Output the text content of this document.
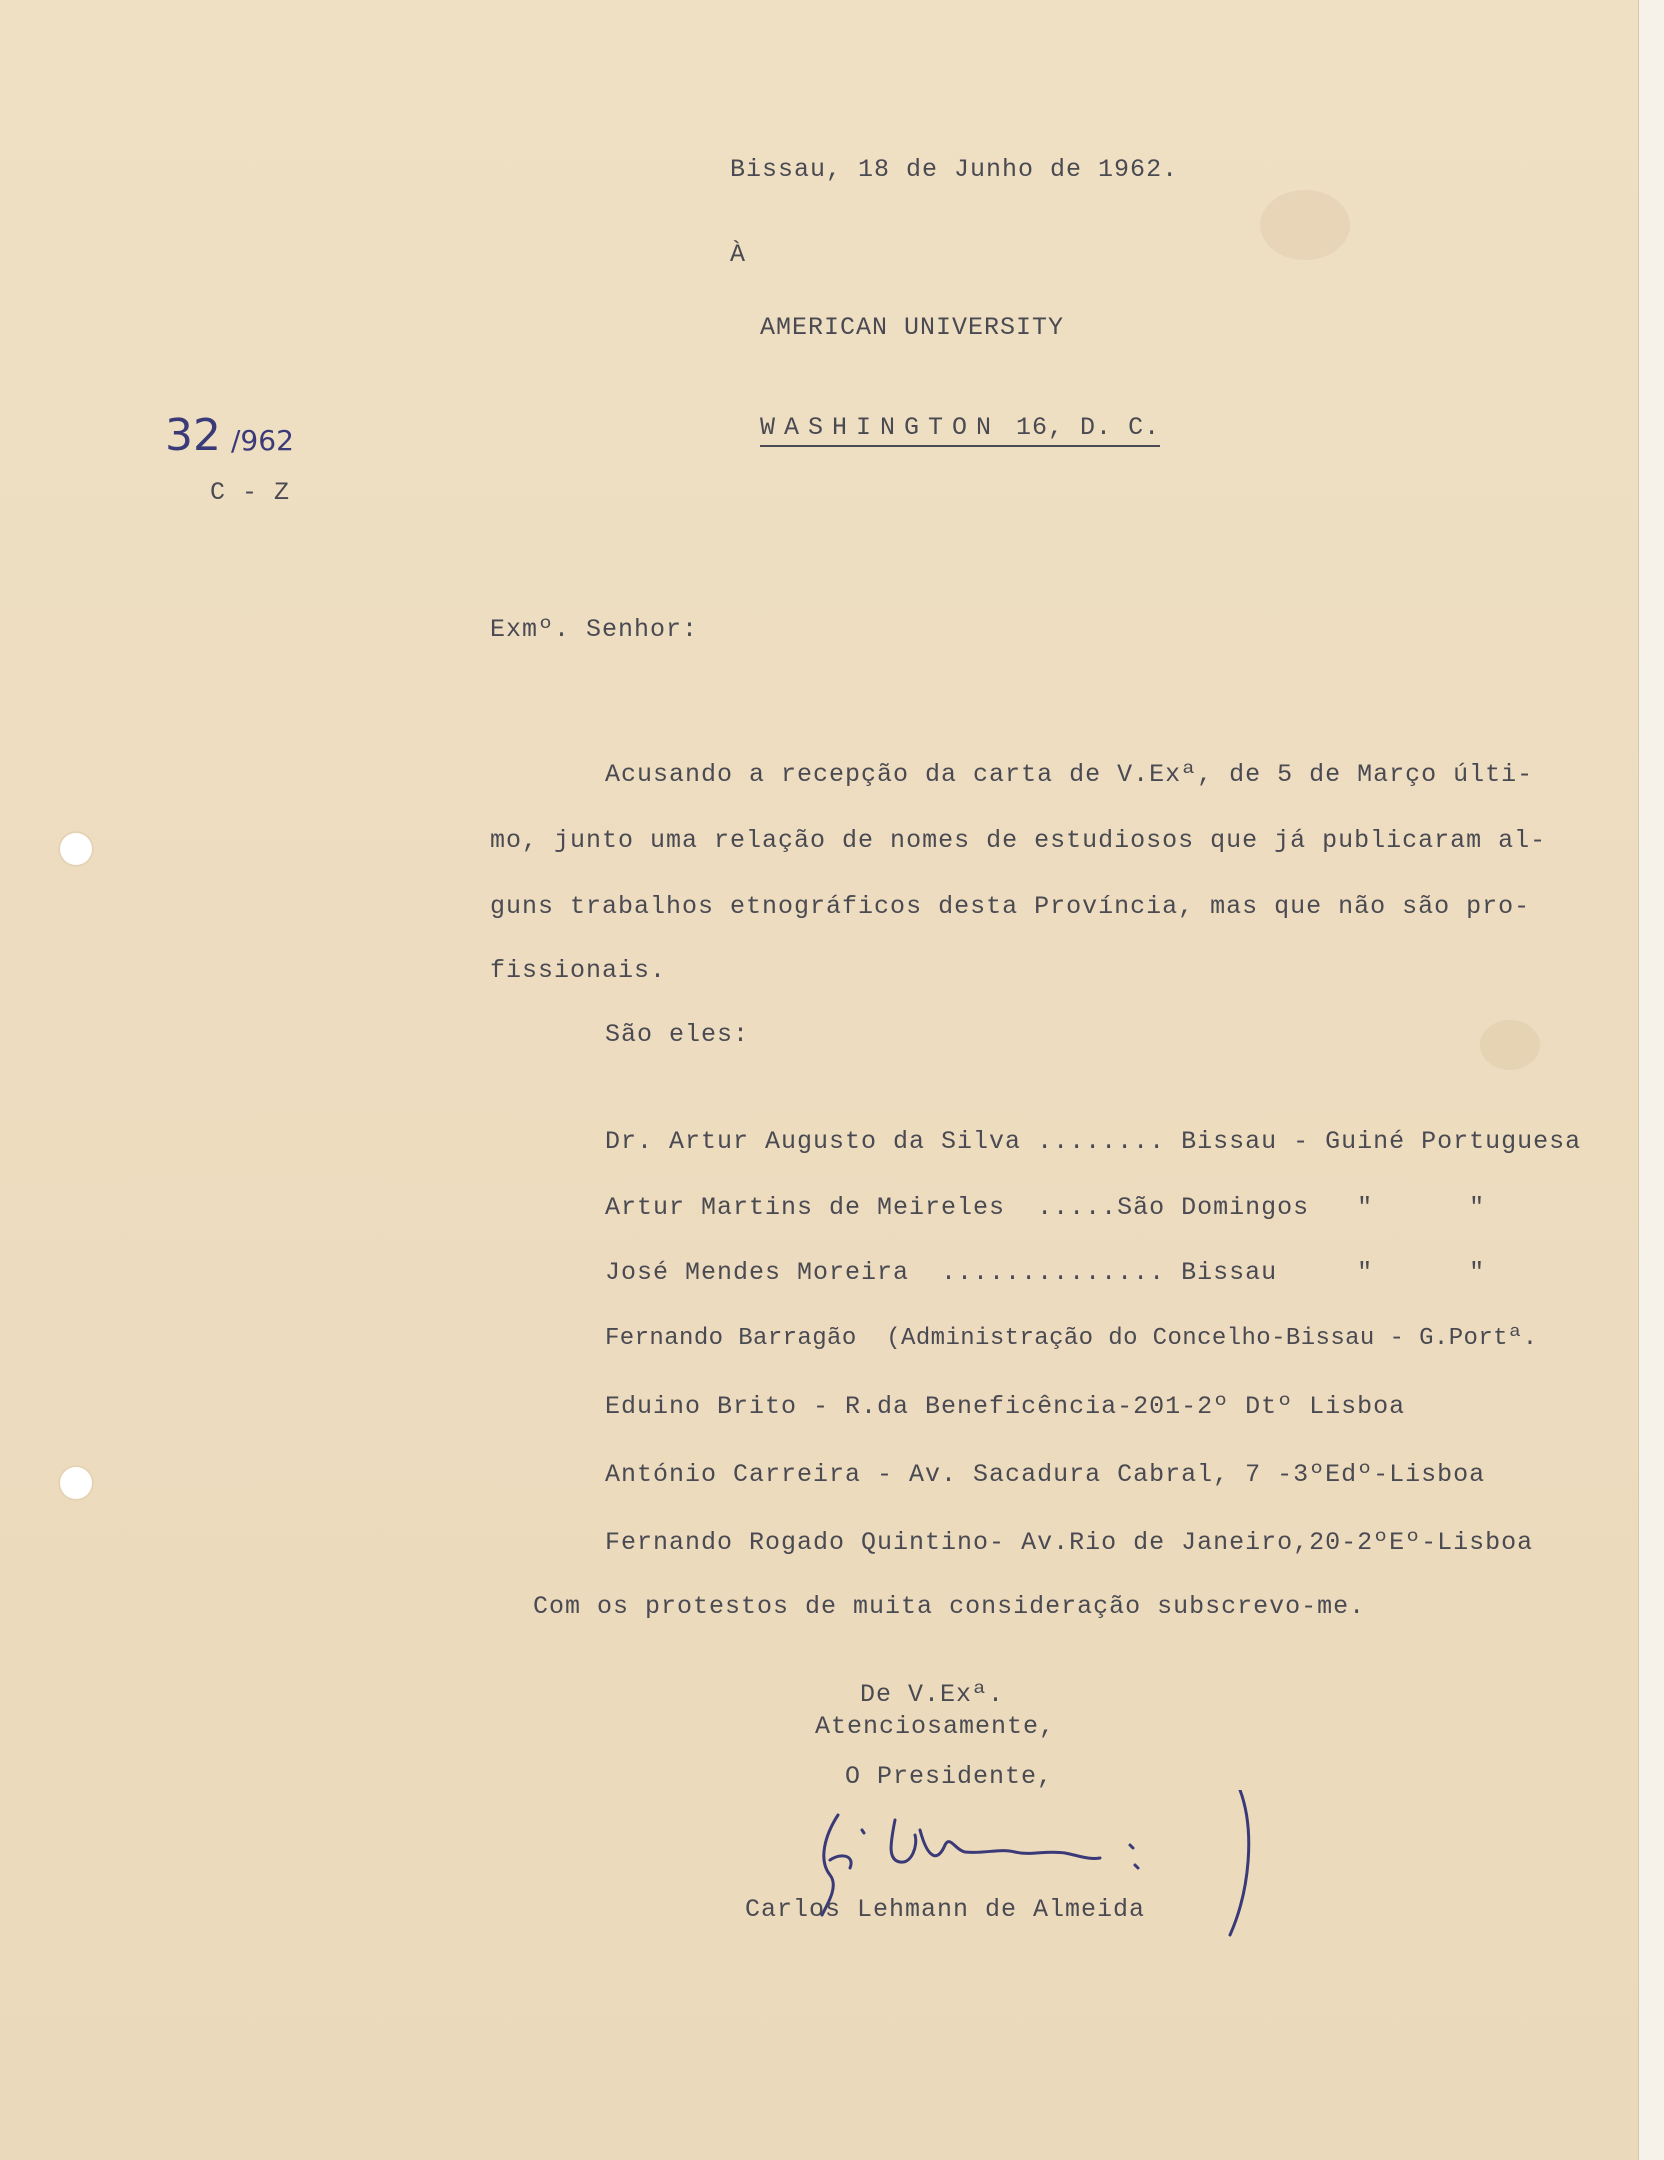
Bissau, 18 de Junho de 1962.
À
AMERICAN UNIVERSITY
WASHINGTON 16, D. C.
32 /962
C - Z
Exmº. Senhor:
Acusando a recepção da carta de V.Exª, de 5 de Março últi-
mo, junto uma relação de nomes de estudiosos que já publicaram al-
guns trabalhos etnográficos desta Província, mas que não são pro-
fissionais.
São eles:
Dr. Artur Augusto da Silva ........ Bissau - Guiné Portuguesa
Artur Martins de Meireles  .....São Domingos   "      "
José Mendes Moreira  .............. Bissau     "      "
Fernando Barragão  (Administração do Concelho-Bissau - G.Portª.
Eduino Brito - R.da Beneficência-201-2º Dtº Lisboa
António Carreira - Av. Sacadura Cabral, 7 -3ºEdº-Lisboa
Fernando Rogado Quintino- Av.Rio de Janeiro,20-2ºEº-Lisboa
Com os protestos de muita consideração subscrevo-me.
De V.Exª.
Atenciosamente,
O Presidente,
Carlos Lehmann de Almeida
